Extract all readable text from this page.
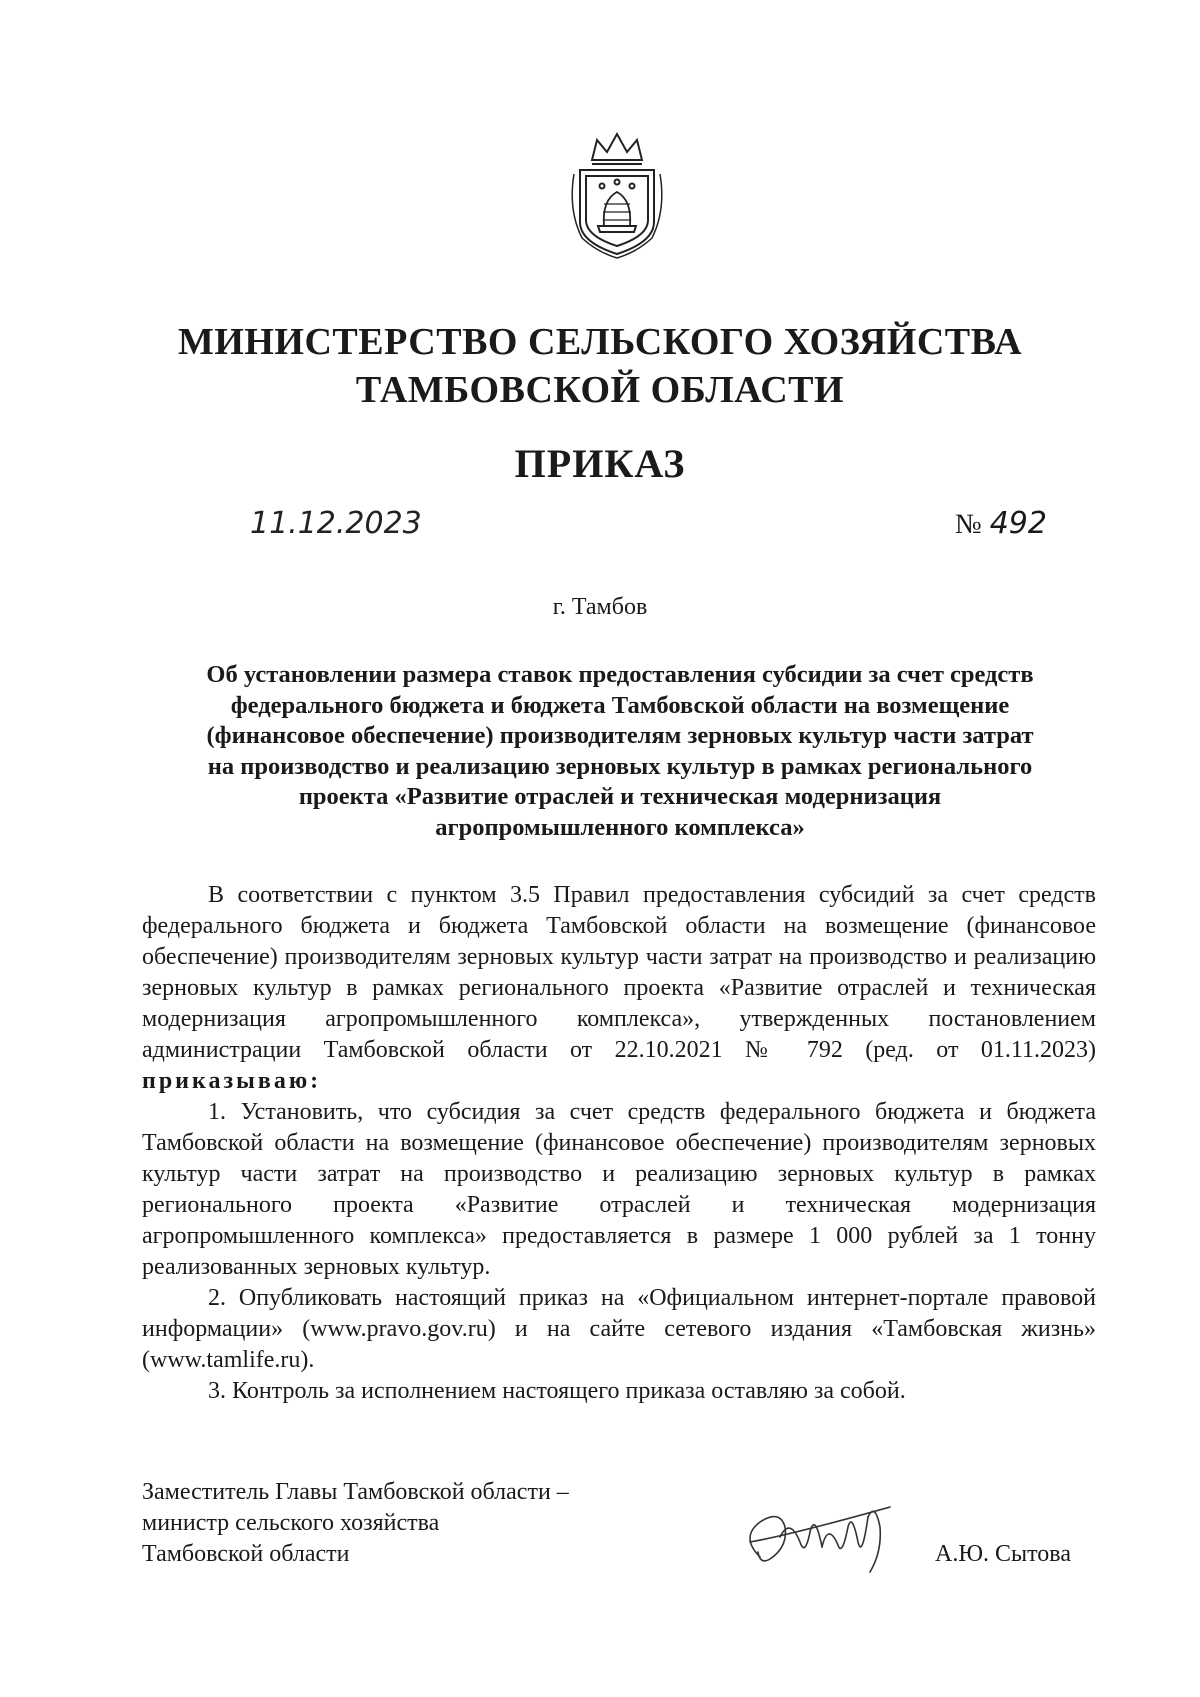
МИНИСТЕРСТВО СЕЛЬСКОГО ХОЗЯЙСТВА
ТАМБОВСКОЙ ОБЛАСТИ
ПРИКАЗ
11.12.2023	№ 492
г. Тамбов
Об установлении размера ставок предоставления субсидии за счет средств
федерального бюджета и бюджета Тамбовской области на возмещение
(финансовое обеспечение) производителям зерновых культур части затрат
на производство и реализацию зерновых культур в рамках регионального
проекта «Развитие отраслей и техническая модернизация
агропромышленного комплекса»

В соответствии с пунктом 3.5 Правил предоставления субсидий за счет средств федерального бюджета и бюджета Тамбовской области на возмещение (финансовое обеспечение) производителям зерновых культур части затрат на производство и реализацию зерновых культур в рамках регионального проекта «Развитие отраслей и техническая модернизация агропромышленного комплекса», утвержденных постановлением администрации Тамбовской области от 22.10.2021 № 792 (ред. от 01.11.2023) приказываю:

1. Установить, что субсидия за счет средств федерального бюджета и бюджета Тамбовской области на возмещение (финансовое обеспечение) производителям зерновых культур части затрат на производство и реализацию зерновых культур в рамках регионального проекта «Развитие отраслей и техническая модернизация агропромышленного комплекса» предоставляется в размере 1 000 рублей за 1 тонну реализованных зерновых культур.

2. Опубликовать настоящий приказ на «Официальном интернет-портале правовой информации» (www.pravo.gov.ru) и на сайте сетевого издания «Тамбовская жизнь» (www.tamlife.ru).

3. Контроль за исполнением настоящего приказа оставляю за собой.

Заместитель Главы Тамбовской области –
министр сельского хозяйства
Тамбовской области	А.Ю. Сытова
